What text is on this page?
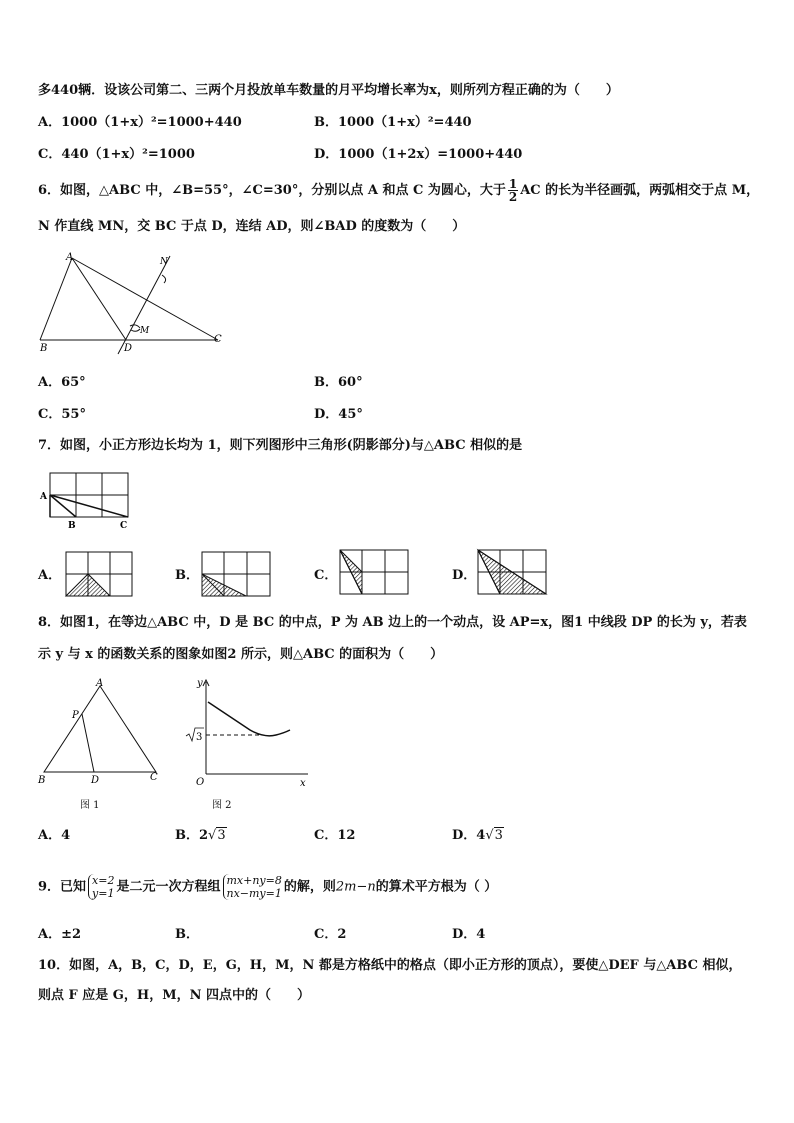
多440辆．设该公司第二、三两个月投放单车数量的月平均增长率为x，则所列方程正确的为（　　）
A．1000（1+x）²=1000+440	B．1000（1+x）²=440
C．440（1+x）²=1000	D．1000（1+2x）=1000+440
6．如图，△ABC 中，∠B=55°，∠C=30°，分别以点 A 和点 C 为圆心，大于 $\frac{1}{2}$ AC 的长为半径画弧，两弧相交于点 M，
N 作直线 MN，交 BC 于点 D，连结 AD，则∠BAD 的度数为（　　）
A
B
C
D
M
N
A．65°	B．60°
C．55°	D．45°
7．如图，小正方形边长均为 1，则下列图形中三角形(阴影部分)与△ABC 相似的是
A
B	C
A．	B．	C．	D．
8．如图1，在等边△ABC 中，D 是 BC 的中点，P 为 AB 边上的一个动点，设 AP=x，图1 中线段 DP 的长为 y，若表
示 y 与 x 的函数关系的图象如图2 所示，则△ABC 的面积为（　　）
A
B	C
D
P
图 1
y
x
O
3
图 2
A．4	B．2√3	C．12	D．4√3
9．已知 x=2
y=1 是二元一次方程组 mx+ny=8
nx−my=1 的解，则2m−n的算术平方根为（ ）
A．±2	B．	C．2	D．4
10．如图，A，B，C，D，E，G，H，M，N 都是方格纸中的格点（即小正方形的顶点），要使△DEF 与△ABC 相似，
则点 F 应是 G，H，M，N 四点中的（　　）
